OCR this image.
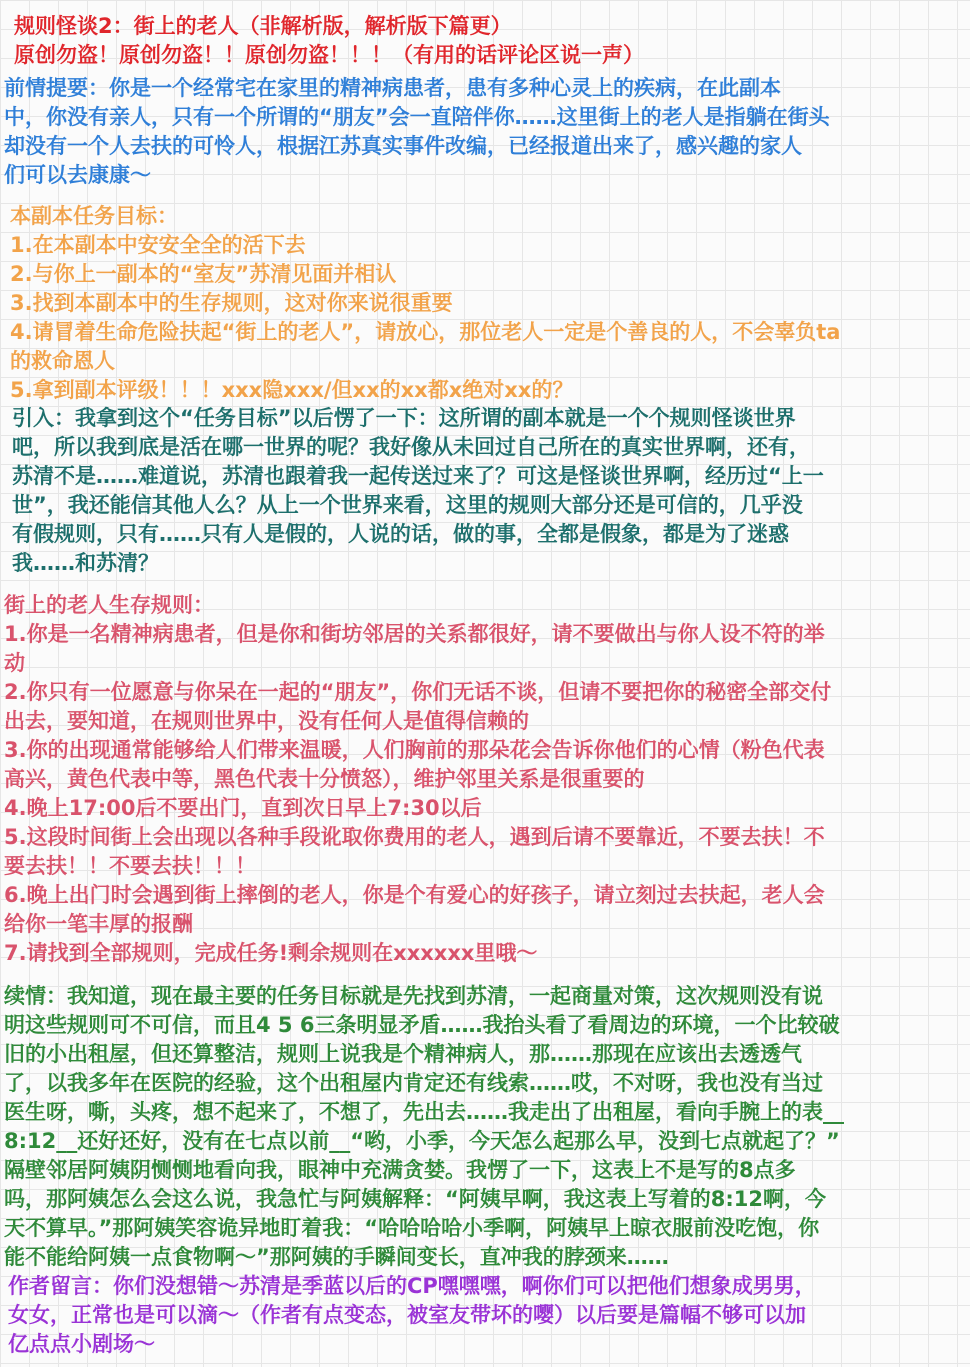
规则怪谈2：街上的老人（非解析版，解析版下篇更）
原创勿盗！原创勿盗！！原创勿盗！！！（有用的话评论区说一声）
前情提要：你是一个经常宅在家里的精神病患者，患有多种心灵上的疾病，在此副本
中，你没有亲人，只有一个所谓的“朋友”会一直陪伴你……这里街上的老人是指躺在街头
却没有一个人去扶的可怜人，根据江苏真实事件改编，已经报道出来了，感兴趣的家人
们可以去康康～
本副本任务目标：
1.在本副本中安安全全的活下去
2.与你上一副本的“室友”苏清见面并相认
3.找到本副本中的生存规则，这对你来说很重要
4.请冒着生命危险扶起“街上的老人”，请放心，那位老人一定是个善良的人，不会辜负ta
的救命恩人
5.拿到副本评级！！！xxx隐xxx/但xx的xx都x绝对xx的？
引入：我拿到这个“任务目标”以后愣了一下：这所谓的副本就是一个个规则怪谈世界
吧，所以我到底是活在哪一世界的呢？我好像从未回过自己所在的真实世界啊，还有，
苏清不是……难道说，苏清也跟着我一起传送过来了？可这是怪谈世界啊，经历过“上一
世”，我还能信其他人么？从上一个世界来看，这里的规则大部分还是可信的，几乎没
有假规则，只有……只有人是假的，人说的话，做的事，全都是假象，都是为了迷惑
我……和苏清？
街上的老人生存规则：
1.你是一名精神病患者，但是你和街坊邻居的关系都很好，请不要做出与你人设不符的举
动
2.你只有一位愿意与你呆在一起的“朋友”，你们无话不谈，但请不要把你的秘密全部交付
出去，要知道，在规则世界中，没有任何人是值得信赖的
3.你的出现通常能够给人们带来温暖，人们胸前的那朵花会告诉你他们的心情（粉色代表
高兴，黄色代表中等，黑色代表十分愤怒），维护邻里关系是很重要的
4.晚上17:00后不要出门，直到次日早上7:30以后
5.这段时间街上会出现以各种手段讹取你费用的老人，遇到后请不要靠近，不要去扶！不
要去扶！！不要去扶！！！
6.晚上出门时会遇到街上摔倒的老人，你是个有爱心的好孩子，请立刻过去扶起，老人会
给你一笔丰厚的报酬
7.请找到全部规则，完成任务!剩余规则在xxxxxx里哦～
续情：我知道，现在最主要的任务目标就是先找到苏清，一起商量对策，这次规则没有说
明这些规则可不可信，而且4 5 6三条明显矛盾……我抬头看了看周边的环境，一个比较破
旧的小出租屋，但还算整洁，规则上说我是个精神病人，那……那现在应该出去透透气
了，以我多年在医院的经验，这个出租屋内肯定还有线索……哎，不对呀，我也没有当过
医生呀，嘶，头疼，想不起来了，不想了，先出去……我走出了出租屋，看向手腕上的表__
8:12__还好还好，没有在七点以前__“哟，小季，今天怎么起那么早，没到七点就起了？”
隔壁邻居阿姨阴恻恻地看向我，眼神中充满贪婪。我愣了一下，这表上不是写的8点多
吗，那阿姨怎么会这么说，我急忙与阿姨解释：“阿姨早啊，我这表上写着的8:12啊，今
天不算早。”那阿姨笑容诡异地盯着我：“哈哈哈哈小季啊，阿姨早上晾衣服前没吃饱，你
能不能给阿姨一点食物啊～”那阿姨的手瞬间变长，直冲我的脖颈来……
作者留言：你们没想错～苏清是季蓝以后的CP嘿嘿嘿，啊你们可以把他们想象成男男，
女女，正常也是可以滴～（作者有点变态，被室友带坏的嘤）以后要是篇幅不够可以加
亿点点小剧场～
